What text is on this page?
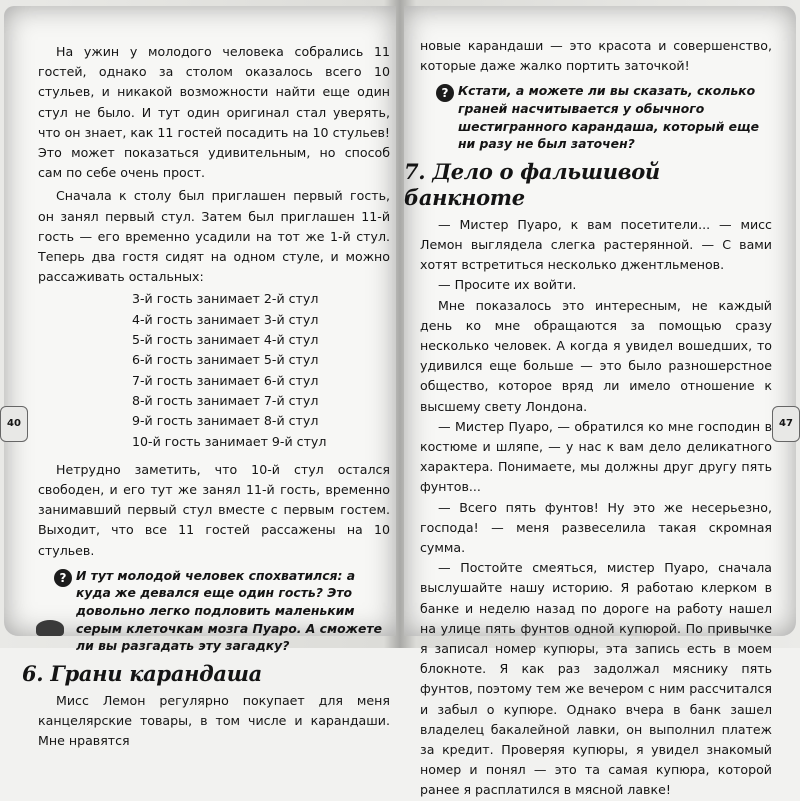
На ужин у молодого человека собрались 11 гостей, однако за столом оказалось всего 10 стульев, и никакой возможности найти еще один стул не было. И тут один оригинал стал уверять, что он знает, как 11 гостей посадить на 10 стульев! Это может показаться удивительным, но способ сам по себе очень прост.

Сначала к столу был приглашен первый гость, он занял первый стул. Затем был приглашен 11-й гость — его временно усадили на тот же 1-й стул. Теперь два гостя сидят на одном стуле, и можно рассаживать остальных:

3-й гость занимает 2-й стул
4-й гость занимает 3-й стул
5-й гость занимает 4-й стул
6-й гость занимает 5-й стул
7-й гость занимает 6-й стул
8-й гость занимает 7-й стул
9-й гость занимает 8-й стул
10-й гость занимает 9-й стул

Нетрудно заметить, что 10-й стул остался свободен, и его тут же занял 11-й гость, временно занимавший первый стул вместе с первым гостем. Выходит, что все 11 гостей рассажены на 10 стульев.

? И тут молодой человек спохватился: а куда же девался еще один гость? Это довольно легко подловить маленьким серым клеточкам мозга Пуаро. А сможете ли вы разгадать эту загадку?
6. Грани карандаша

Мисс Лемон регулярно покупает для меня канцелярские товары, в том числе и карандаши. Мне нравятся

новые карандаши — это красота и совершенство, которые даже жалко портить заточкой!

? Кстати, а можете ли вы сказать, сколько граней насчитывается у обычного шестигранного карандаша, который еще ни разу не был заточен?
7. Дело о фальшивой банкноте

— Мистер Пуаро, к вам посетители... — мисс Лемон выглядела слегка растерянной. — С вами хотят встретиться несколько джентльменов.

— Просите их войти.

Мне показалось это интересным, не каждый день ко мне обращаются за помощью сразу несколько человек. А когда я увидел вошедших, то удивился еще больше — это было разношерстное общество, которое вряд ли имело отношение к высшему свету Лондона.

— Мистер Пуаро, — обратился ко мне господин в костюме и шляпе, — у нас к вам дело деликатного характера. Понимаете, мы должны друг другу пять фунтов...

— Всего пять фунтов! Ну это же несерьезно, господа! — меня развеселила такая скромная сумма.

— Постойте смеяться, мистер Пуаро, сначала выслушайте нашу историю. Я работаю клерком в банке и неделю назад по дороге на работу нашел на улице пять фунтов одной купюрой. По привычке я записал номер купюры, эта запись есть в моем блокноте. Я как раз задолжал мяснику пять фунтов, поэтому тем же вечером с ним рассчитался и забыл о купюре. Однако вчера в банк зашел владелец бакалейной лавки, он выполнил платеж за кредит. Проверяя купюры, я увидел знакомый номер и понял — это та самая купюра, которой ранее я расплатился в мясной лавке!

40	47
